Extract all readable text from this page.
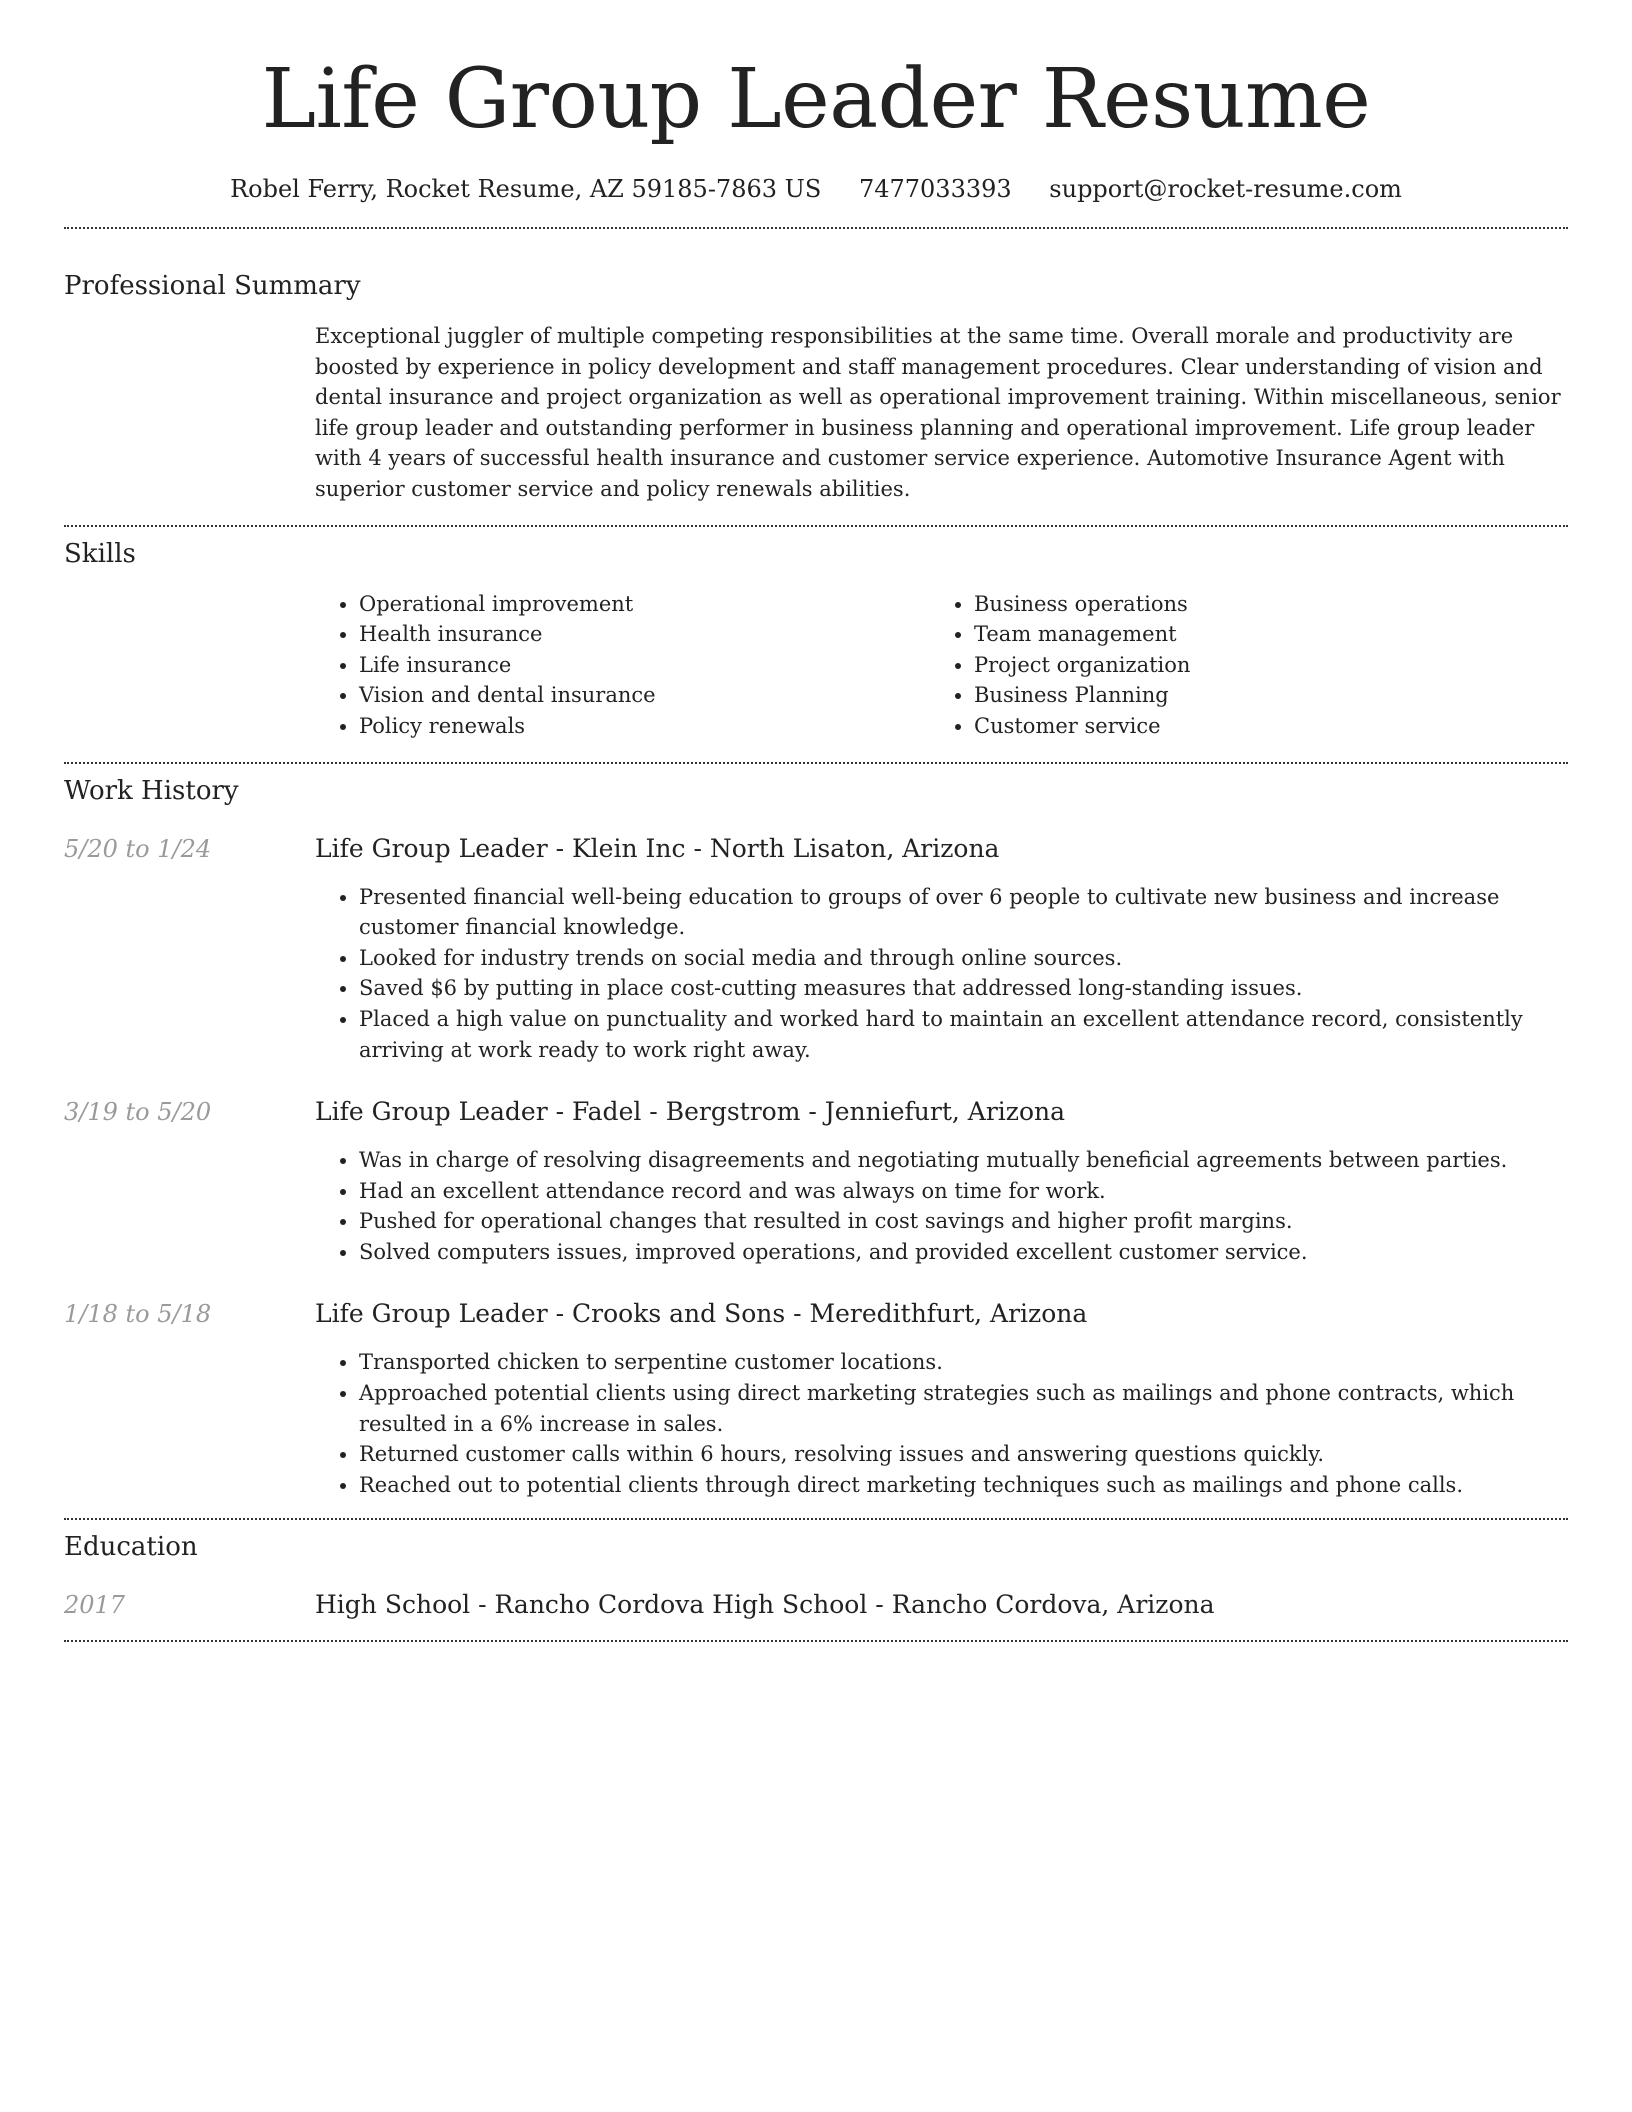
Life Group Leader Resume
Robel Ferry, Rocket Resume, AZ 59185-7863 US 7477033393 support@rocket-resume.com
Professional Summary
Exceptional juggler of multiple competing responsibilities at the same time. Overall morale and productivity are boosted by experience in policy development and staff management procedures. Clear understanding of vision and dental insurance and project organization as well as operational improvement training. Within miscellaneous, senior life group leader and outstanding performer in business planning and operational improvement. Life group leader with 4 years of successful health insurance and customer service experience. Automotive Insurance Agent with superior customer service and policy renewals abilities.
Skills
• Operational improvement
• Health insurance
• Life insurance
• Vision and dental insurance
• Policy renewals
• Business operations
• Team management
• Project organization
• Business Planning
• Customer service
Work History
5/20 to 1/24	Life Group Leader - Klein Inc - North Lisaton, Arizona
• Presented financial well-being education to groups of over 6 people to cultivate new business and increase customer financial knowledge.
• Looked for industry trends on social media and through online sources.
• Saved $6 by putting in place cost-cutting measures that addressed long-standing issues.
• Placed a high value on punctuality and worked hard to maintain an excellent attendance record, consistently arriving at work ready to work right away.
3/19 to 5/20	Life Group Leader - Fadel - Bergstrom - Jenniefurt, Arizona
• Was in charge of resolving disagreements and negotiating mutually beneficial agreements between parties.
• Had an excellent attendance record and was always on time for work.
• Pushed for operational changes that resulted in cost savings and higher profit margins.
• Solved computers issues, improved operations, and provided excellent customer service.
1/18 to 5/18	Life Group Leader - Crooks and Sons - Meredithfurt, Arizona
• Transported chicken to serpentine customer locations.
• Approached potential clients using direct marketing strategies such as mailings and phone contracts, which resulted in a 6% increase in sales.
• Returned customer calls within 6 hours, resolving issues and answering questions quickly.
• Reached out to potential clients through direct marketing techniques such as mailings and phone calls.
Education
2017	High School - Rancho Cordova High School - Rancho Cordova, Arizona
